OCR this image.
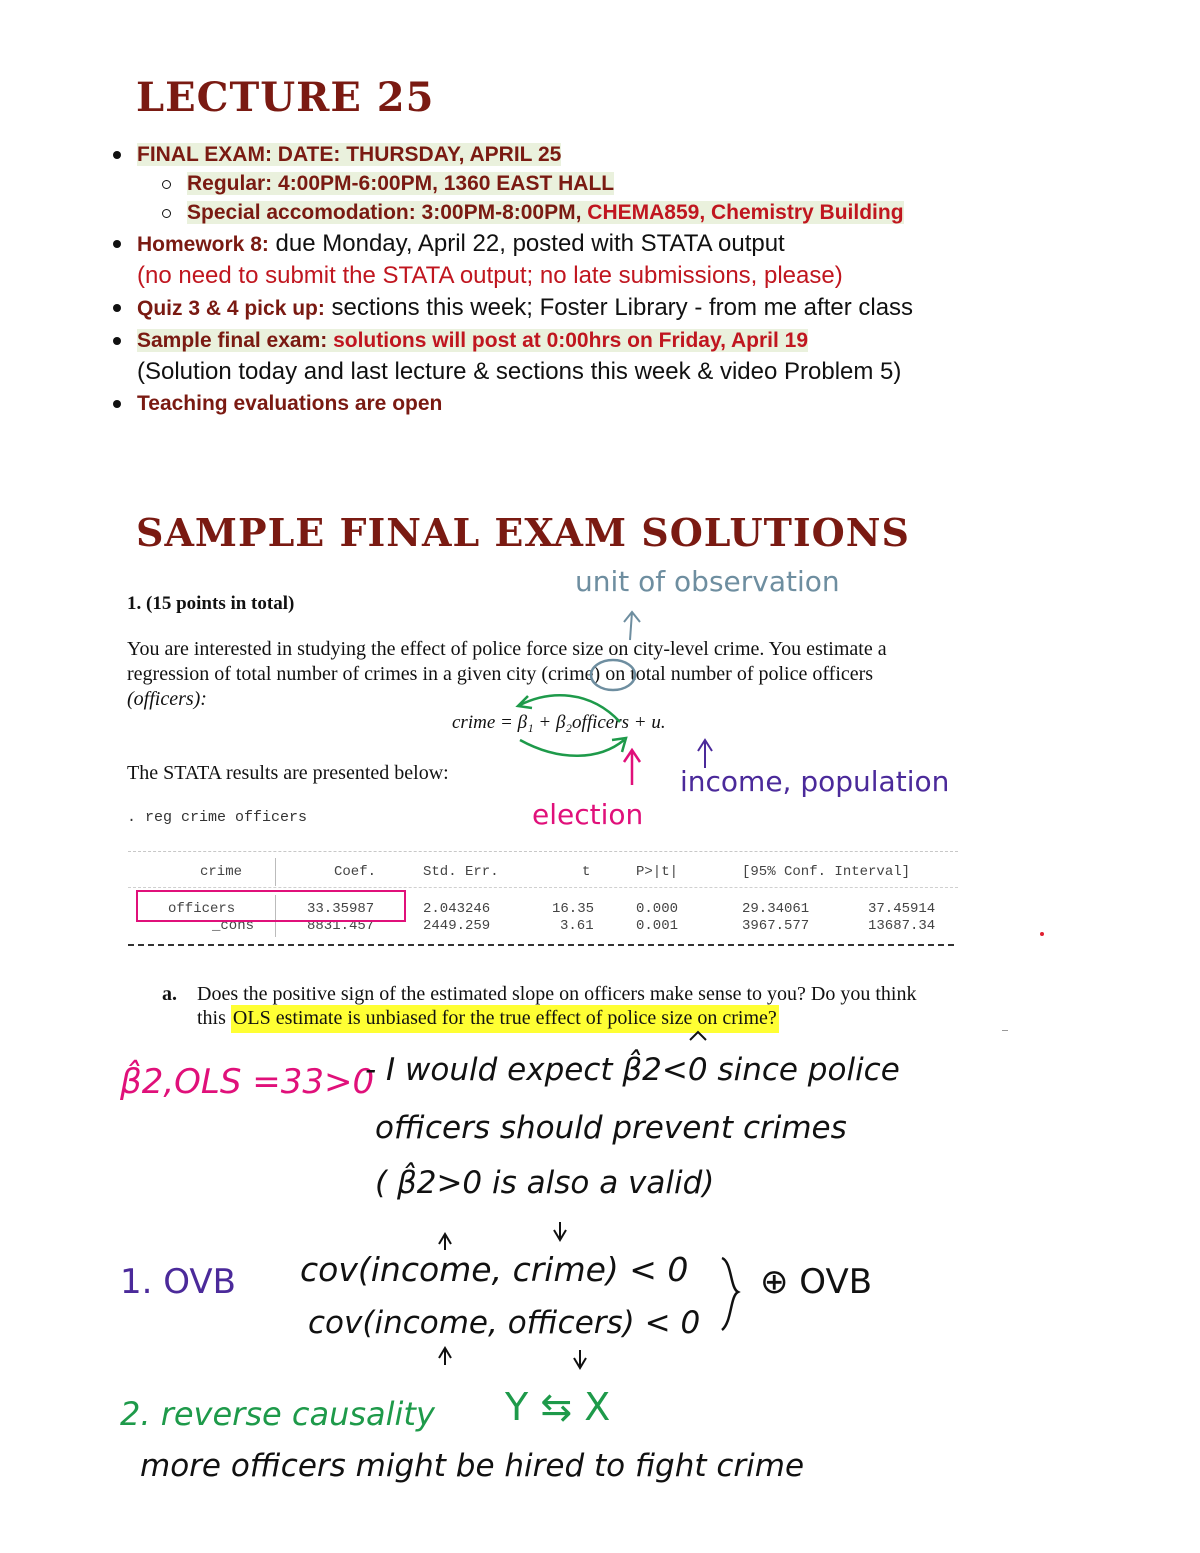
LECTURE 25
FINAL EXAM: DATE: THURSDAY, APRIL 25
Regular: 4:00PM-6:00PM, 1360 EAST HALL
Special accomodation: 3:00PM-8:00PM, CHEMA859, Chemistry Building
Homework 8: due Monday, April 22, posted with STATA output
(no need to submit the STATA output; no late submissions, please)
Quiz 3 & 4 pick up: sections this week; Foster Library - from me after class
Sample final exam: solutions will post at 0:00hrs on Friday, April 19
(Solution today and last lecture & sections this week & video Problem 5)
Teaching evaluations are open
SAMPLE FINAL EXAM SOLUTIONS
1. (15 points in total)
You are interested in studying the effect of police force size on city-level crime. You estimate a
regression of total number of crimes in a given city (crime) on total number of police officers
(officers):
crime = β₁ + β₂officers + u.
The STATA results are presented below:
. reg crime officers
crime	Coef.	Std. Err.	t	P>|t|	[95% Conf. Interval]
officers	33.35987	2.043246	16.35	0.000	29.34061	37.45914
_cons	8831.457	2449.259	3.61	0.001	3967.577	13687.34
a. Does the positive sign of the estimated slope on officers make sense to you? Do you think
this OLS estimate is unbiased for the true effect of police size on crime?
unit of observation
election
income, population
β̂2,OLS =33>0
- I would expect β̂2<0 since police
officers should prevent crimes
( β̂2>0 is also a valid)
1. OVB cov(income, crime) < 0
cov(income, officers) < 0
⊕ OVB
2. reverse causality Y ⇆ X
more officers might be hired to fight crime
